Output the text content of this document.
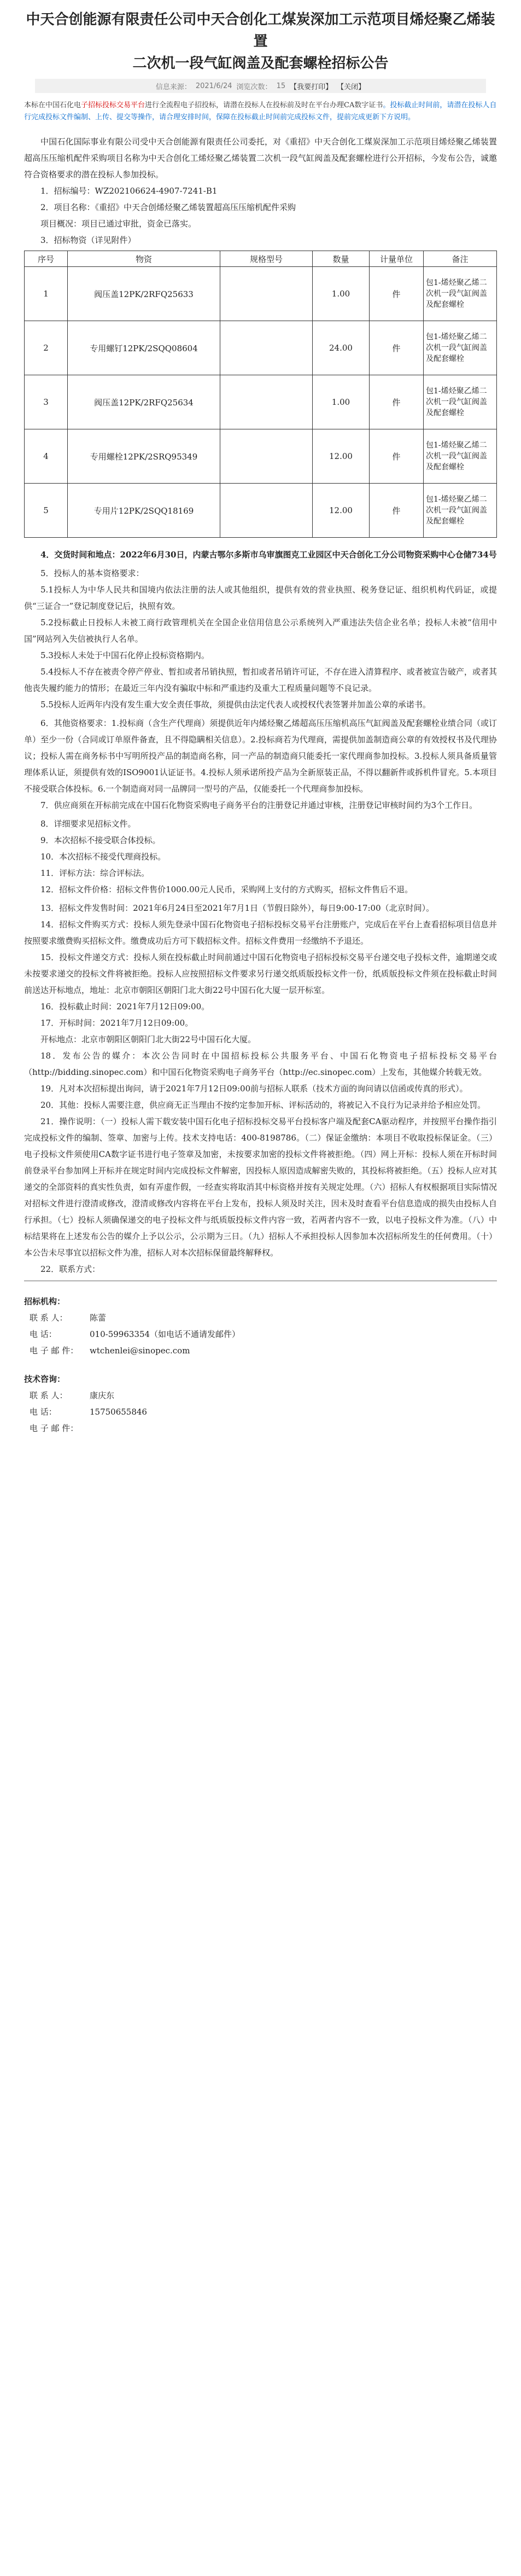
中天合创能源有限责任公司中天合创化工煤炭深加工示范项目烯烃聚乙烯装置
二次机一段气缸阀盖及配套螺栓招标公告
信息来源： 2021/6/24 浏览次数： 15 【我要打印】 【关闭】
本标在中国石化电子招标投标交易平台进行全流程电子招投标，请潜在投标人在投标前及时在平台办理CA数字证书。投标截止时间前，请潜在投标人自行完成投标文件编制、上传、提交等操作，请合理安排时间，保障在投标截止时间前完成投标文件，提前完成更新下方说明。

中国石化国际事业有限公司受中天合创能源有限责任公司委托，对《重招》中天合创化工煤炭深加工示范项目烯烃聚乙烯装置超高压压缩机配件采购项目名称为中天合创化工烯烃聚乙烯装置二次机一段气缸阀盖及配套螺栓进行公开招标，今发布公告，诚邀符合资格要求的潜在投标人参加投标。

1．招标编号：WZ202106624-4907-7241-B1

2．项目名称：《重招》中天合创烯烃聚乙烯装置超高压压缩机配件采购

项目概况：项目已通过审批，资金已落实。

3．招标物资（详见附件）

序号	物资	规格型号	数量	计量单位	备注
1	阀压盖12PK/2RFQ25633		1.00	件	包1-烯烃聚乙烯二次机一段气缸阀盖及配套螺栓
2	专用螺钉12PK/2SQQ08604		24.00	件	包1-烯烃聚乙烯二次机一段气缸阀盖及配套螺栓
3	阀压盖12PK/2RFQ25634		1.00	件	包1-烯烃聚乙烯二次机一段气缸阀盖及配套螺栓
4	专用螺栓12PK/2SRQ95349		12.00	件	包1-烯烃聚乙烯二次机一段气缸阀盖及配套螺栓
5	专用片12PK/2SQQ18169		12.00	件	包1-烯烃聚乙烯二次机一段气缸阀盖及配套螺栓

4．交货时间和地点：2022年6月30日，内蒙古鄂尔多斯市乌审旗图克工业园区中天合创化工分公司物资采购中心仓储734号

5．投标人的基本资格要求：

5.1投标人为中华人民共和国境内依法注册的法人或其他组织，提供有效的营业执照、税务登记证、组织机构代码证，或提供“三证合一”登记制度登记后，执照有效。

5.2投标截止日投标人未被工商行政管理机关在全国企业信用信息公示系统列入严重违法失信企业名单；投标人未被“信用中国”网站列入失信被执行人名单。

5.3投标人未处于中国石化停止投标资格期内。

5.4投标人不存在被责令停产停业、暂扣或者吊销执照，暂扣或者吊销许可证，不存在进入清算程序、或者被宣告破产，或者其他丧失履约能力的情形；在最近三年内没有骗取中标和严重违约及重大工程质量问题等不良记录。

5.5投标人近两年内没有发生重大安全责任事故，须提供由法定代表人或授权代表签署并加盖公章的承诺书。

6．其他资格要求：1.投标商（含生产代理商）须提供近年内烯烃聚乙烯超高压压缩机高压气缸阀盖及配套螺栓业绩合同（或订单）至少一份（合同或订单原件备查，且不得隐瞒相关信息）。2.投标商若为代理商，需提供加盖制造商公章的有效授权书及代理协议；投标人需在商务标书中写明所投产品的制造商名称，同一产品的制造商只能委托一家代理商参加投标。3.投标人须具备质量管理体系认证，须提供有效的ISO9001认证证书。4.投标人须承诺所投产品为全新原装正品，不得以翻新件或拆机件冒充。5.本项目不接受联合体投标。6.一个制造商对同一品牌同一型号的产品，仅能委托一个代理商参加投标。

7．供应商须在开标前完成在中国石化物资采购电子商务平台的注册登记并通过审核，注册登记审核时间约为3个工作日。

8．详细要求见招标文件。

9．本次招标不接受联合体投标。

10．本次招标不接受代理商投标。

11．评标方法：综合评标法。

12．招标文件价格：招标文件售价1000.00元人民币，采购网上支付的方式购买，招标文件售后不退。

13．招标文件发售时间：2021年6月24日至2021年7月1日（节假日除外），每日9:00-17:00（北京时间）。

14．招标文件购买方式：投标人须先登录中国石化物资电子招标投标交易平台注册账户，完成后在平台上查看招标项目信息并按照要求缴费购买招标文件。缴费成功后方可下载招标文件。招标文件费用一经缴纳不予退还。

15．投标文件递交方式：投标人须在投标截止时间前通过中国石化物资电子招标投标交易平台递交电子投标文件，逾期递交或未按要求递交的投标文件将被拒绝。投标人应按照招标文件要求另行递交纸质版投标文件一份，纸质版投标文件须在投标截止时间前送达开标地点，地址：北京市朝阳区朝阳门北大街22号中国石化大厦一层开标室。

16．投标截止时间：2021年7月12日09:00。

17．开标时间：2021年7月12日09:00。

开标地点：北京市朝阳区朝阳门北大街22号中国石化大厦。

18．发布公告的媒介：本次公告同时在中国招标投标公共服务平台、中国石化物资电子招标投标交易平台（http://bidding.sinopec.com）和中国石化物资采购电子商务平台（http://ec.sinopec.com）上发布，其他媒介转载无效。

19．凡对本次招标提出询问，请于2021年7月12日09:00前与招标人联系（技术方面的询问请以信函或传真的形式）。

20．其他：投标人需要注意，供应商无正当理由不按约定参加开标、评标活动的，将被记入不良行为记录并给予相应处罚。

21．操作说明：（一）投标人需下载安装中国石化电子招标投标交易平台投标客户端及配套CA驱动程序，并按照平台操作指引完成投标文件的编制、签章、加密与上传。技术支持电话：400-8198786。（二）保证金缴纳：本项目不收取投标保证金。（三）电子投标文件须使用CA数字证书进行电子签章及加密，未按要求加密的投标文件将被拒绝。（四）网上开标：投标人须在开标时间前登录平台参加网上开标并在规定时间内完成投标文件解密，因投标人原因造成解密失败的，其投标将被拒绝。（五）投标人应对其递交的全部资料的真实性负责，如有弄虚作假，一经查实将取消其中标资格并按有关规定处理。（六）招标人有权根据项目实际情况对招标文件进行澄清或修改，澄清或修改内容将在平台上发布，投标人须及时关注，因未及时查看平台信息造成的损失由投标人自行承担。（七）投标人须确保递交的电子投标文件与纸质版投标文件内容一致，若两者内容不一致，以电子投标文件为准。（八）中标结果将在上述发布公告的媒介上予以公示，公示期为三日。（九）招标人不承担投标人因参加本次招标所发生的任何费用。（十）本公告未尽事宜以招标文件为准，招标人对本次招标保留最终解释权。

22．联系方式：

招标机构：
联 系 人：	陈蕾
电 话：	010-59963354（如电话不通请发邮件）
电 子 邮 件：	wtchenlei@sinopec.com
技术咨询：
联 系 人：	康庆东
电 话：	15750655846
电 子 邮 件：
